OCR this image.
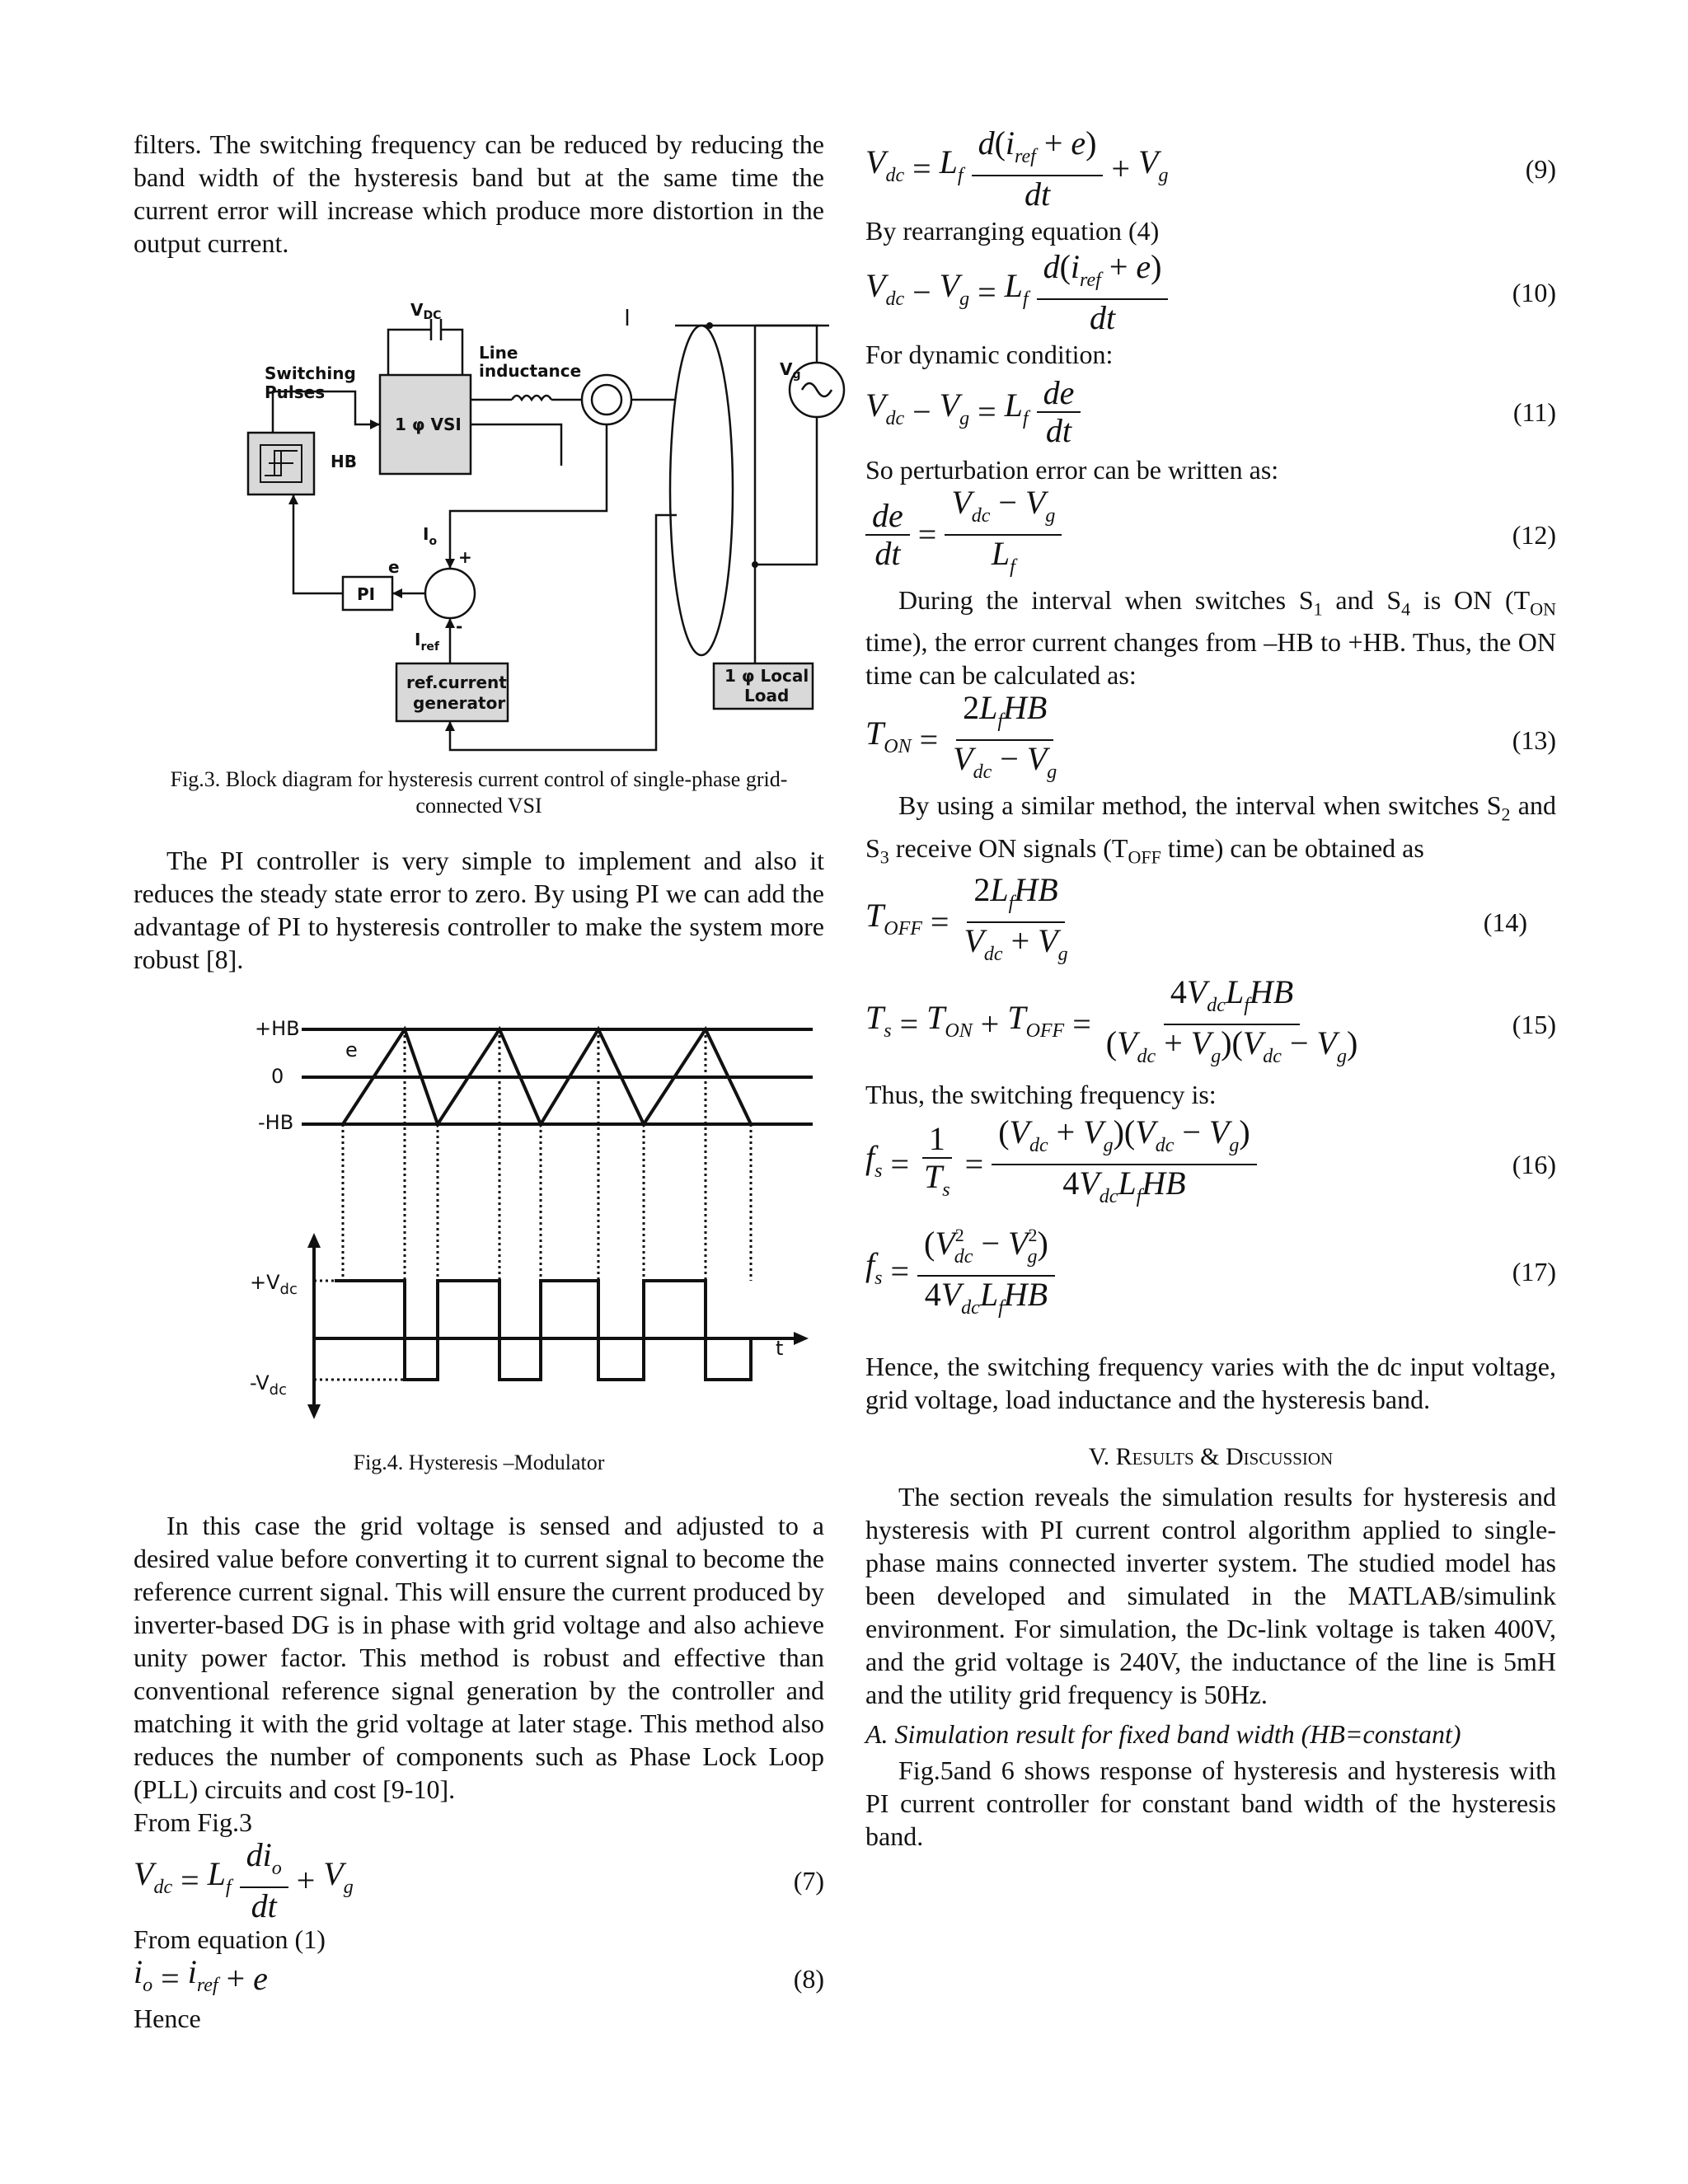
filters. The switching frequency can be reduced by reducing the band width of the hysteresis band but at the same time the current error will increase which produce more distortion in the output current.

$V_{DC}$
Line
inductance
Switching
Pulses
1 φ VSI
HB
$V_g$
$I_o$
+
e
PI
-
$I_{ref}$
ref.current
generator
1 φ Local
Load

Fig.3. Block diagram for hysteresis current control of single-phase grid-connected VSI

The PI controller is very simple to implement and also it reduces the steady state error to zero. By using PI we can add the advantage of PI to hysteresis controller to make the system more robust [8].

+HB
0
-HB
e
$+V_{dc}$
$-V_{dc}$
t

Fig.4. Hysteresis –Modulator

In this case the grid voltage is sensed and adjusted to a desired value before converting it to current signal to become the reference current signal. This will ensure the current produced by inverter-based DG is in phase with grid voltage and also achieve unity power factor. This method is robust and effective than conventional reference signal generation by the controller and matching it with the grid voltage at later stage. This method also reduces the number of components such as Phase Lock Loop (PLL) circuits and cost [9-10].

From Fig.3

$V_{dc} = L_f \frac{di_o}{dt} + V_g$	(7)

From equation (1)

$i_o = i_{ref} + e$	(8)

Hence

$V_{dc} = L_f \frac{d(i_{ref} + e)}{dt} + V_g$	(9)

By rearranging equation (4)

$V_{dc} - V_g = L_f \frac{d(i_{ref} + e)}{dt}$	(10)

For dynamic condition:

$V_{dc} - V_g = L_f \frac{de}{dt}$	(11)

So perturbation error can be written as:

$\frac{de}{dt} = \frac{V_{dc} - V_g}{L_f}$	(12)

During the interval when switches $S_1$ and $S_4$ is ON ($T_{ON}$ time), the error current changes from –HB to +HB. Thus, the ON time can be calculated as:

$T_{ON} = \frac{2L_fHB}{V_{dc} - V_g}$	(13)

By using a similar method, the interval when switches $S_2$ and $S_3$ receive ON signals ($T_{OFF}$ time) can be obtained as

$T_{OFF} = \frac{2L_fHB}{V_{dc} + V_g}$	(14)
$T_s = T_{ON} + T_{OFF} = \frac{4V_{dc}L_fHB}{(V_{dc} + V_g)(V_{dc} - V_g)}$	(15)

Thus, the switching frequency is:

$f_s = \frac{1}{T_s} = \frac{(V_{dc} + V_g)(V_{dc} - V_g)}{4V_{dc}L_fHB}$	(16)
$f_s = \frac{(V^2_{dc} - V^2_g)}{4V_{dc}L_fHB}$	(17)

Hence, the switching frequency varies with the dc input voltage, grid voltage, load inductance and the hysteresis band.

V. Results & Discussion

The section reveals the simulation results for hysteresis and hysteresis with PI current control algorithm applied to single-phase mains connected inverter system. The studied model has been developed and simulated in the MATLAB/simulink environment. For simulation, the Dc-link voltage is taken 400V, and the grid voltage is 240V, the inductance of the line is 5mH and the utility grid frequency is 50Hz.

A. Simulation result for fixed band width (HB=constant)

Fig.5and 6 shows response of hysteresis and hysteresis with PI current controller for constant band width of the hysteresis band.
